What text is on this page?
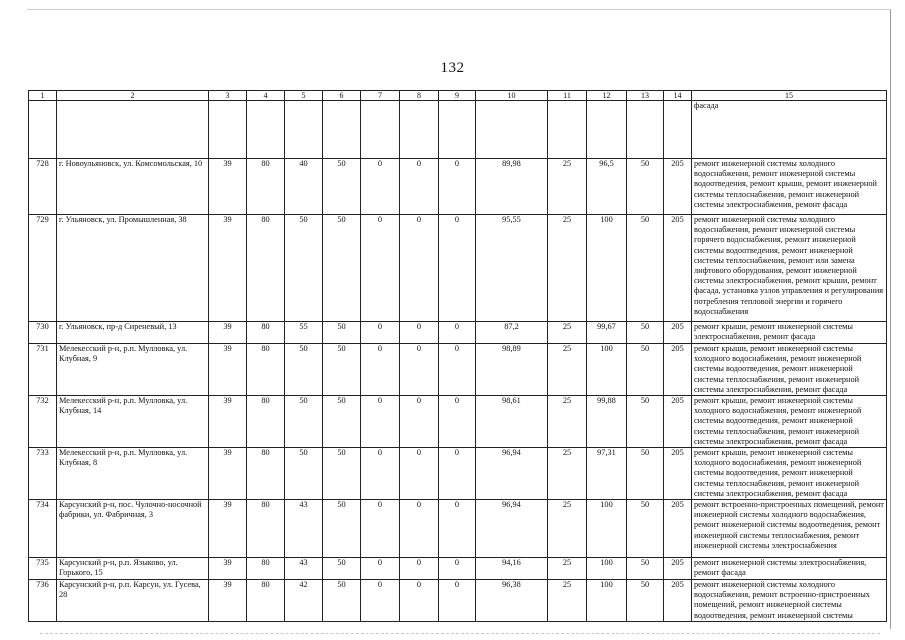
132
1	2	3	4	5	6	7	8	9	10	11	12	13	14	15
														фасада
728	г. Новоульяновск, ул. Комсомольская, 10	39	80	40	50	0	0	0	89,98	25	96,5	50	205	ремонт инженерной системы холодного водоснабжения, ремонт инженерной системы водоотведения, ремонт крыши, ремонт инженерной системы теплоснабжения, ремонт инженерной системы электроснабжения, ремонт фасада
729	г. Ульяновск, ул. Промышленная, 38	39	80	50	50	0	0	0	95,55	25	100	50	205	ремонт инженерной системы холодного водоснабжения, ремонт инженерной системы горячего водоснабжения, ремонт инженерной системы водоотведения, ремонт инженерной системы теплоснабжения, ремонт или замена лифтового оборудования, ремонт инженерной системы электроснабжения, ремонт крыши, ремонт фасада, установка узлов управления и регулирования потребления тепловой энергии и горячего водоснабжения
730	г. Ульяновск, пр-д Сиреневый, 13	39	80	55	50	0	0	0	87,2	25	99,67	50	205	ремонт крыши, ремонт инженерной системы электроснабжения, ремонт фасада
731	Мелекесский р-н, р.п. Мулловка, ул. Клубная, 9	39	80	50	50	0	0	0	98,89	25	100	50	205	ремонт крыши, ремонт инженерной системы холодного водоснабжения, ремонт инженерной системы водоотведения, ремонт инженерной системы теплоснабжения, ремонт инженерной системы электроснабжения, ремонт фасада
732	Мелекесский р-н, р.п. Мулловка, ул. Клубная, 14	39	80	50	50	0	0	0	98,61	25	99,88	50	205	ремонт крыши, ремонт инженерной системы холодного водоснабжения, ремонт инженерной системы водоотведения, ремонт инженерной системы теплоснабжения, ремонт инженерной системы электроснабжения, ремонт фасада
733	Мелекесский р-н, р.п. Мулловка, ул. Клубная, 8	39	80	50	50	0	0	0	96,94	25	97,31	50	205	ремонт крыши, ремонт инженерной системы холодного водоснабжения, ремонт инженерной системы водоотведения, ремонт инженерной системы теплоснабжения, ремонт инженерной системы электроснабжения, ремонт фасада
734	Карсунский р-н, пос. Чулочно-носочной фабрики, ул. Фабричная, 3	39	80	43	50	0	0	0	96,94	25	100	50	205	ремонт встроенно-пристроенных помещений, ремонт инженерной системы холодного водоснабжения, ремонт инженерной системы водоотведения, ремонт инженерной системы теплоснабжения, ремонт инженерной системы электроснабжения
735	Карсунский р-н, р.п. Языково, ул. Горького, 15	39	80	43	50	0	0	0	94,16	25	100	50	205	ремонт инженерной системы электроснабжения, ремонт фасада
736	Карсунский р-н, р.п. Карсун, ул. Гусева, 28	39	80	42	50	0	0	0	96,38	25	100	50	205	ремонт инженерной системы холодного водоснабжения, ремонт встроенно-пристроенных помещений, ремонт инженерной системы водоотведения, ремонт инженерной системы
